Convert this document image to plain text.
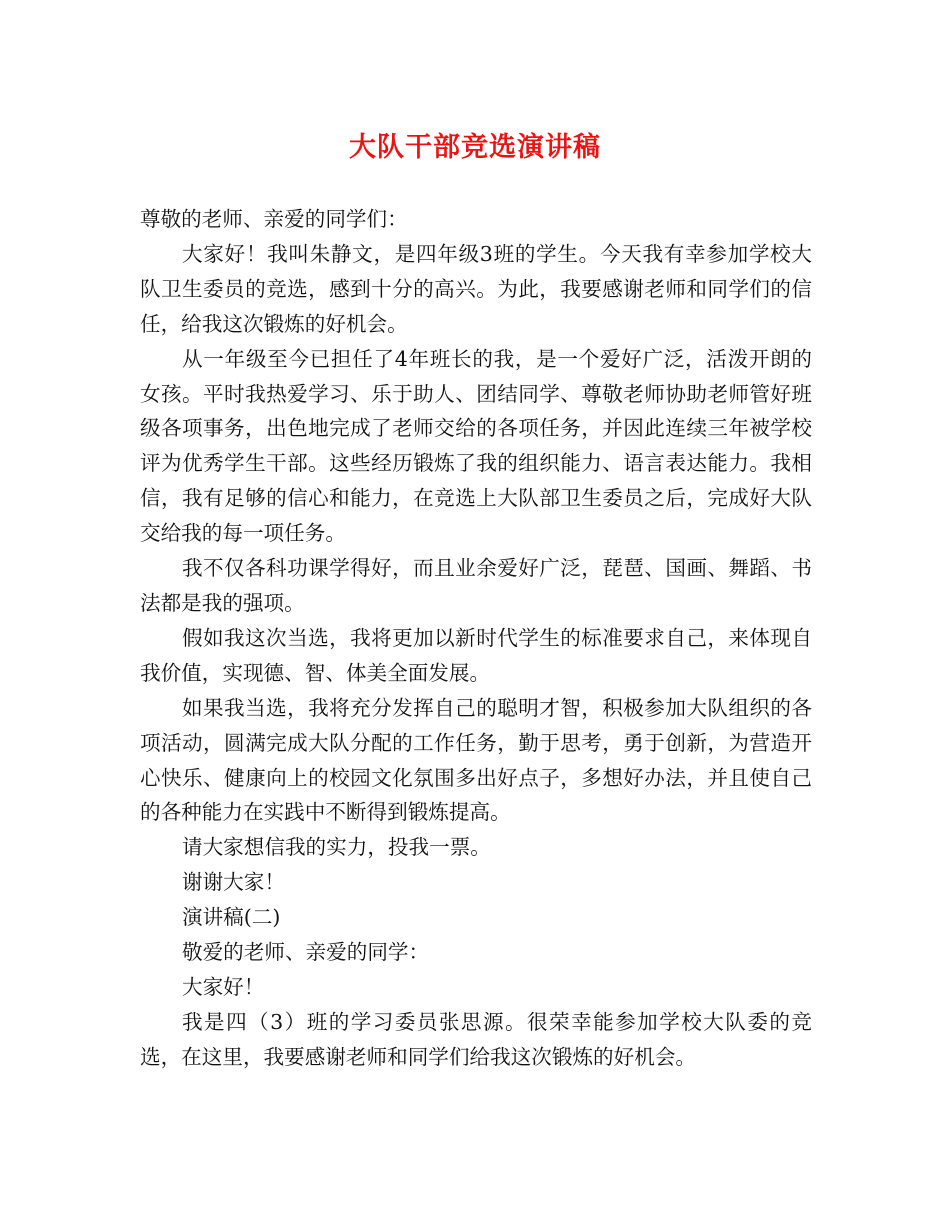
大队干部竞选演讲稿

尊敬的老师、亲爱的同学们：

大家好！我叫朱静文，是四年级3班的学生。今天我有幸参加学校大队卫生委员的竞选，感到十分的高兴。为此，我要感谢老师和同学们的信任，给我这次锻炼的好机会。

从一年级至今已担任了4年班长的我，是一个爱好广泛，活泼开朗的女孩。平时我热爱学习、乐于助人、团结同学、尊敬老师协助老师管好班级各项事务，出色地完成了老师交给的各项任务，并因此连续三年被学校评为优秀学生干部。这些经历锻炼了我的组织能力、语言表达能力。我相信，我有足够的信心和能力，在竞选上大队部卫生委员之后，完成好大队交给我的每一项任务。

我不仅各科功课学得好，而且业余爱好广泛，琵琶、国画、舞蹈、书法都是我的强项。

假如我这次当选，我将更加以新时代学生的标准要求自己，来体现自我价值，实现德、智、体美全面发展。

如果我当选，我将充分发挥自己的聪明才智，积极参加大队组织的各项活动，圆满完成大队分配的工作任务，勤于思考，勇于创新，为营造开心快乐、健康向上的校园文化氛围多出好点子，多想好办法，并且使自己的各种能力在实践中不断得到锻炼提高。

请大家想信我的实力，投我一票。

谢谢大家！

演讲稿(二)

敬爱的老师、亲爱的同学：

大家好！

我是四（3）班的学习委员张思源。很荣幸能参加学校大队委的竞选，在这里，我要感谢老师和同学们给我这次锻炼的好机会。
